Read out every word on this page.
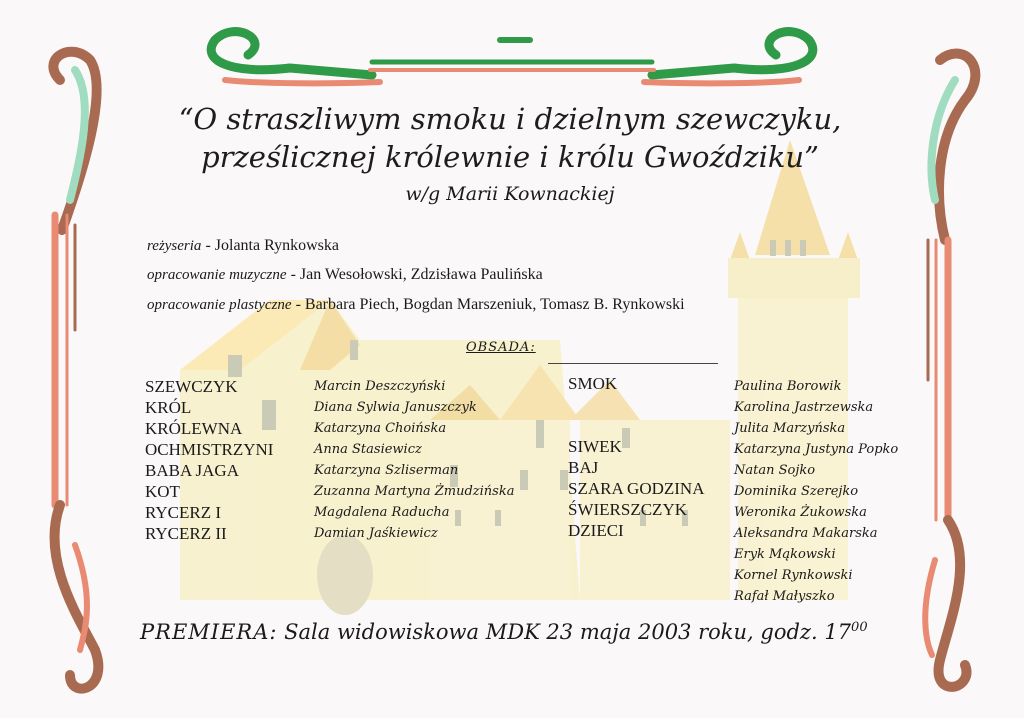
“O straszliwym smoku i dzielnym szewczyku,
prześlicznej królewnie i królu Gwoździku”
w/g Marii Kownackiej
reżyseria - Jolanta Rynkowska
opracowanie muzyczne - Jan Wesołowski, Zdzisława Paulińska
opracowanie plastyczne - Barbara Piech, Bogdan Marszeniuk, Tomasz B. Rynkowski
OBSADA:
SZEWCZYK
KRÓL
KRÓLEWNA
OCHMISTRZYNI
BABA JAGA
KOT
RYCERZ I
RYCERZ II
Marcin Deszczyński
Diana Sylwia Januszczyk
Katarzyna Choińska
Anna Stasiewicz
Katarzyna Szliserman
Zuzanna Martyna Żmudzińska
Magdalena Raducha
Damian Jaśkiewicz
SMOK
SIWEK
BAJ
SZARA GODZINA
ŚWIERSZCZYK
DZIECI
Paulina Borowik
Karolina Jastrzewska
Julita Marzyńska
Katarzyna Justyna Popko
Natan Sojko
Dominika Szerejko
Weronika Żukowska
Aleksandra Makarska
Eryk Mąkowski
Kornel Rynkowski
Rafał Małyszko
PREMIERA: Sala widowiskowa MDK 23 maja 2003 roku, godz. $17^{00}$
